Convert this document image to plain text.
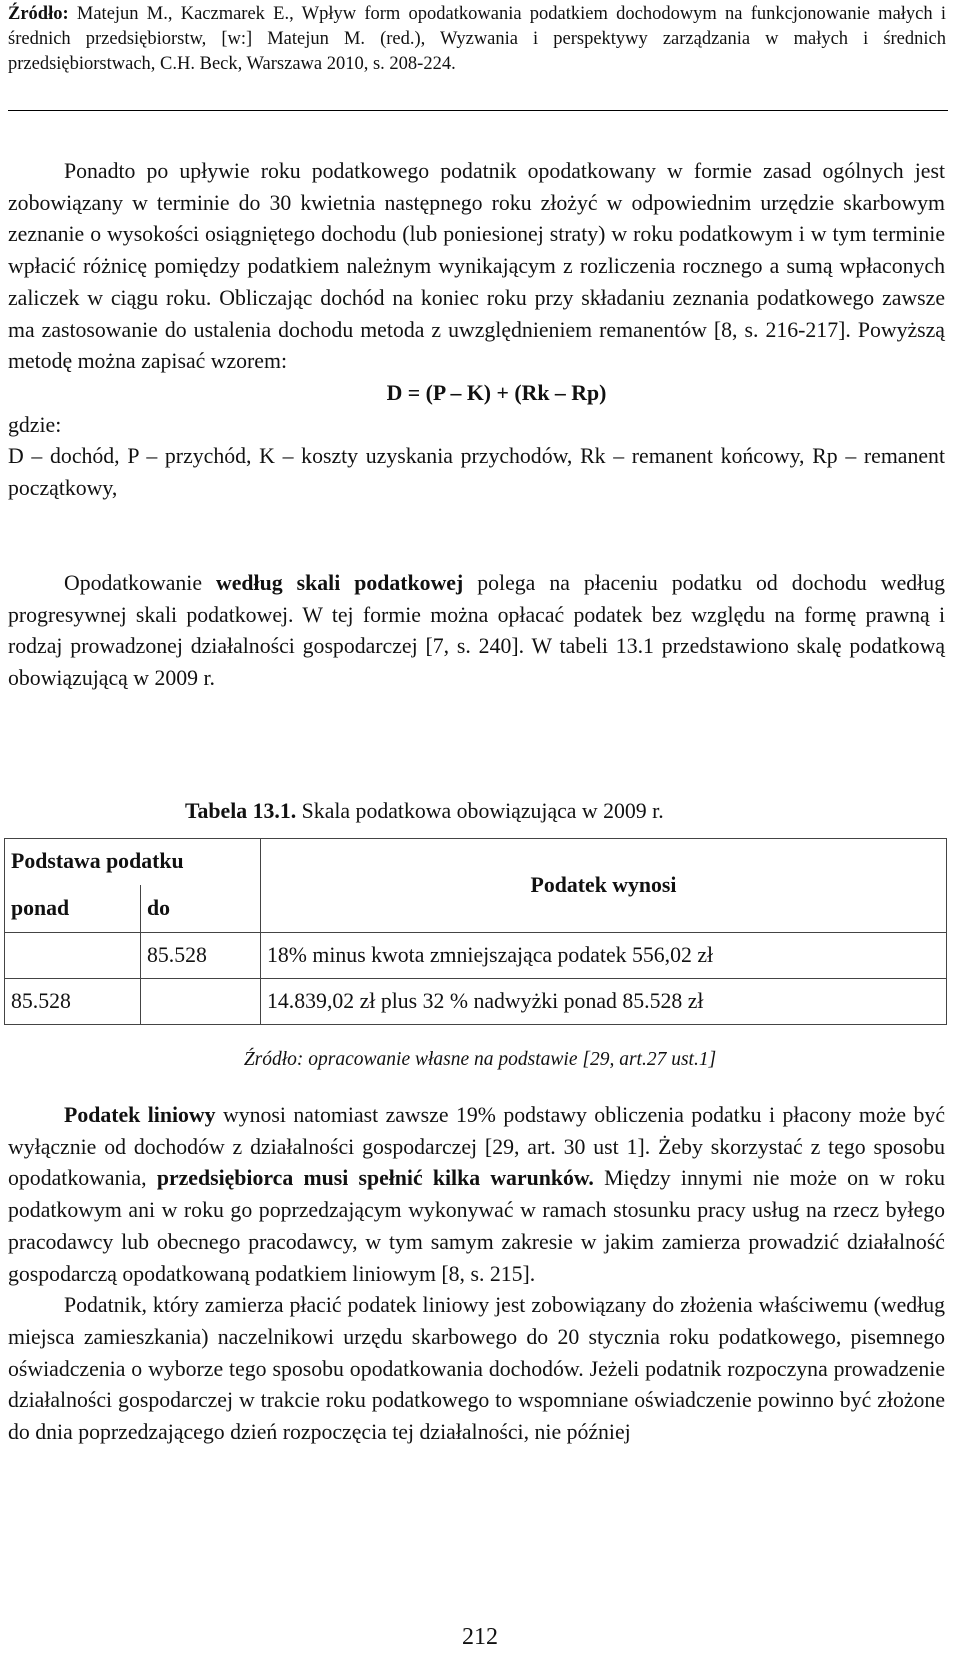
Źródło: Matejun M., Kaczmarek E., Wpływ form opodatkowania podatkiem dochodowym na funkcjonowanie małych i średnich przedsiębiorstw, [w:] Matejun M. (red.), Wyzwania i perspektywy zarządzania w małych i średnich przedsiębiorstwach, C.H. Beck, Warszawa 2010, s. 208-224.

Ponadto po upływie roku podatkowego podatnik opodatkowany w formie zasad ogólnych jest zobowiązany w terminie do 30 kwietnia następnego roku złożyć w odpowiednim urzędzie skarbowym zeznanie o wysokości osiągniętego dochodu (lub poniesionej straty) w roku podatkowym i w tym terminie wpłacić różnicę pomiędzy podatkiem należnym wynikającym z rozliczenia rocznego a sumą wpłaconych zaliczek w ciągu roku. Obliczając dochód na koniec roku przy składaniu zeznania podatkowego zawsze ma zastosowanie do ustalenia dochodu metoda z uwzględnieniem remanentów [8, s. 216-217]. Powyższą metodę można zapisać wzorem:

D = (P – K) + (Rk – Rp)

gdzie:

D – dochód, P – przychód, K – koszty uzyskania przychodów, Rk – remanent końcowy, Rp – remanent początkowy,

Opodatkowanie według skali podatkowej polega na płaceniu podatku od dochodu według progresywnej skali podatkowej. W tej formie można opłacać podatek bez względu na formę prawną i rodzaj prowadzonej działalności gospodarczej [7, s. 240]. W tabeli 13.1 przedstawiono skalę podatkową obowiązującą w 2009 r.

Tabela 13.1. Skala podatkowa obowiązująca w 2009 r.
Podstawa podatku		Podatek wynosi
ponad	do	
	85.528	18% minus kwota zmniejszająca podatek 556,02 zł
85.528		14.839,02 zł plus 32 % nadwyżki ponad 85.528 zł
Źródło: opracowanie własne na podstawie [29, art.27 ust.1]

Podatek liniowy wynosi natomiast zawsze 19% podstawy obliczenia podatku i płacony może być wyłącznie od dochodów z działalności gospodarczej [29, art. 30 ust 1]. Żeby skorzystać z tego sposobu opodatkowania, przedsiębiorca musi spełnić kilka warunków. Między innymi nie może on w roku podatkowym ani w roku go poprzedzającym wykonywać w ramach stosunku pracy usług na rzecz byłego pracodawcy lub obecnego pracodawcy, w tym samym zakresie w jakim zamierza prowadzić działalność gospodarczą opodatkowaną podatkiem liniowym [8, s. 215].

Podatnik, który zamierza płacić podatek liniowy jest zobowiązany do złożenia właściwemu (według miejsca zamieszkania) naczelnikowi urzędu skarbowego do 20 stycznia roku podatkowego, pisemnego oświadczenia o wyborze tego sposobu opodatkowania dochodów. Jeżeli podatnik rozpoczyna prowadzenie działalności gospodarczej w trakcie roku podatkowego to wspomniane oświadczenie powinno być złożone do dnia poprzedzającego dzień rozpoczęcia tej działalności, nie później

212
